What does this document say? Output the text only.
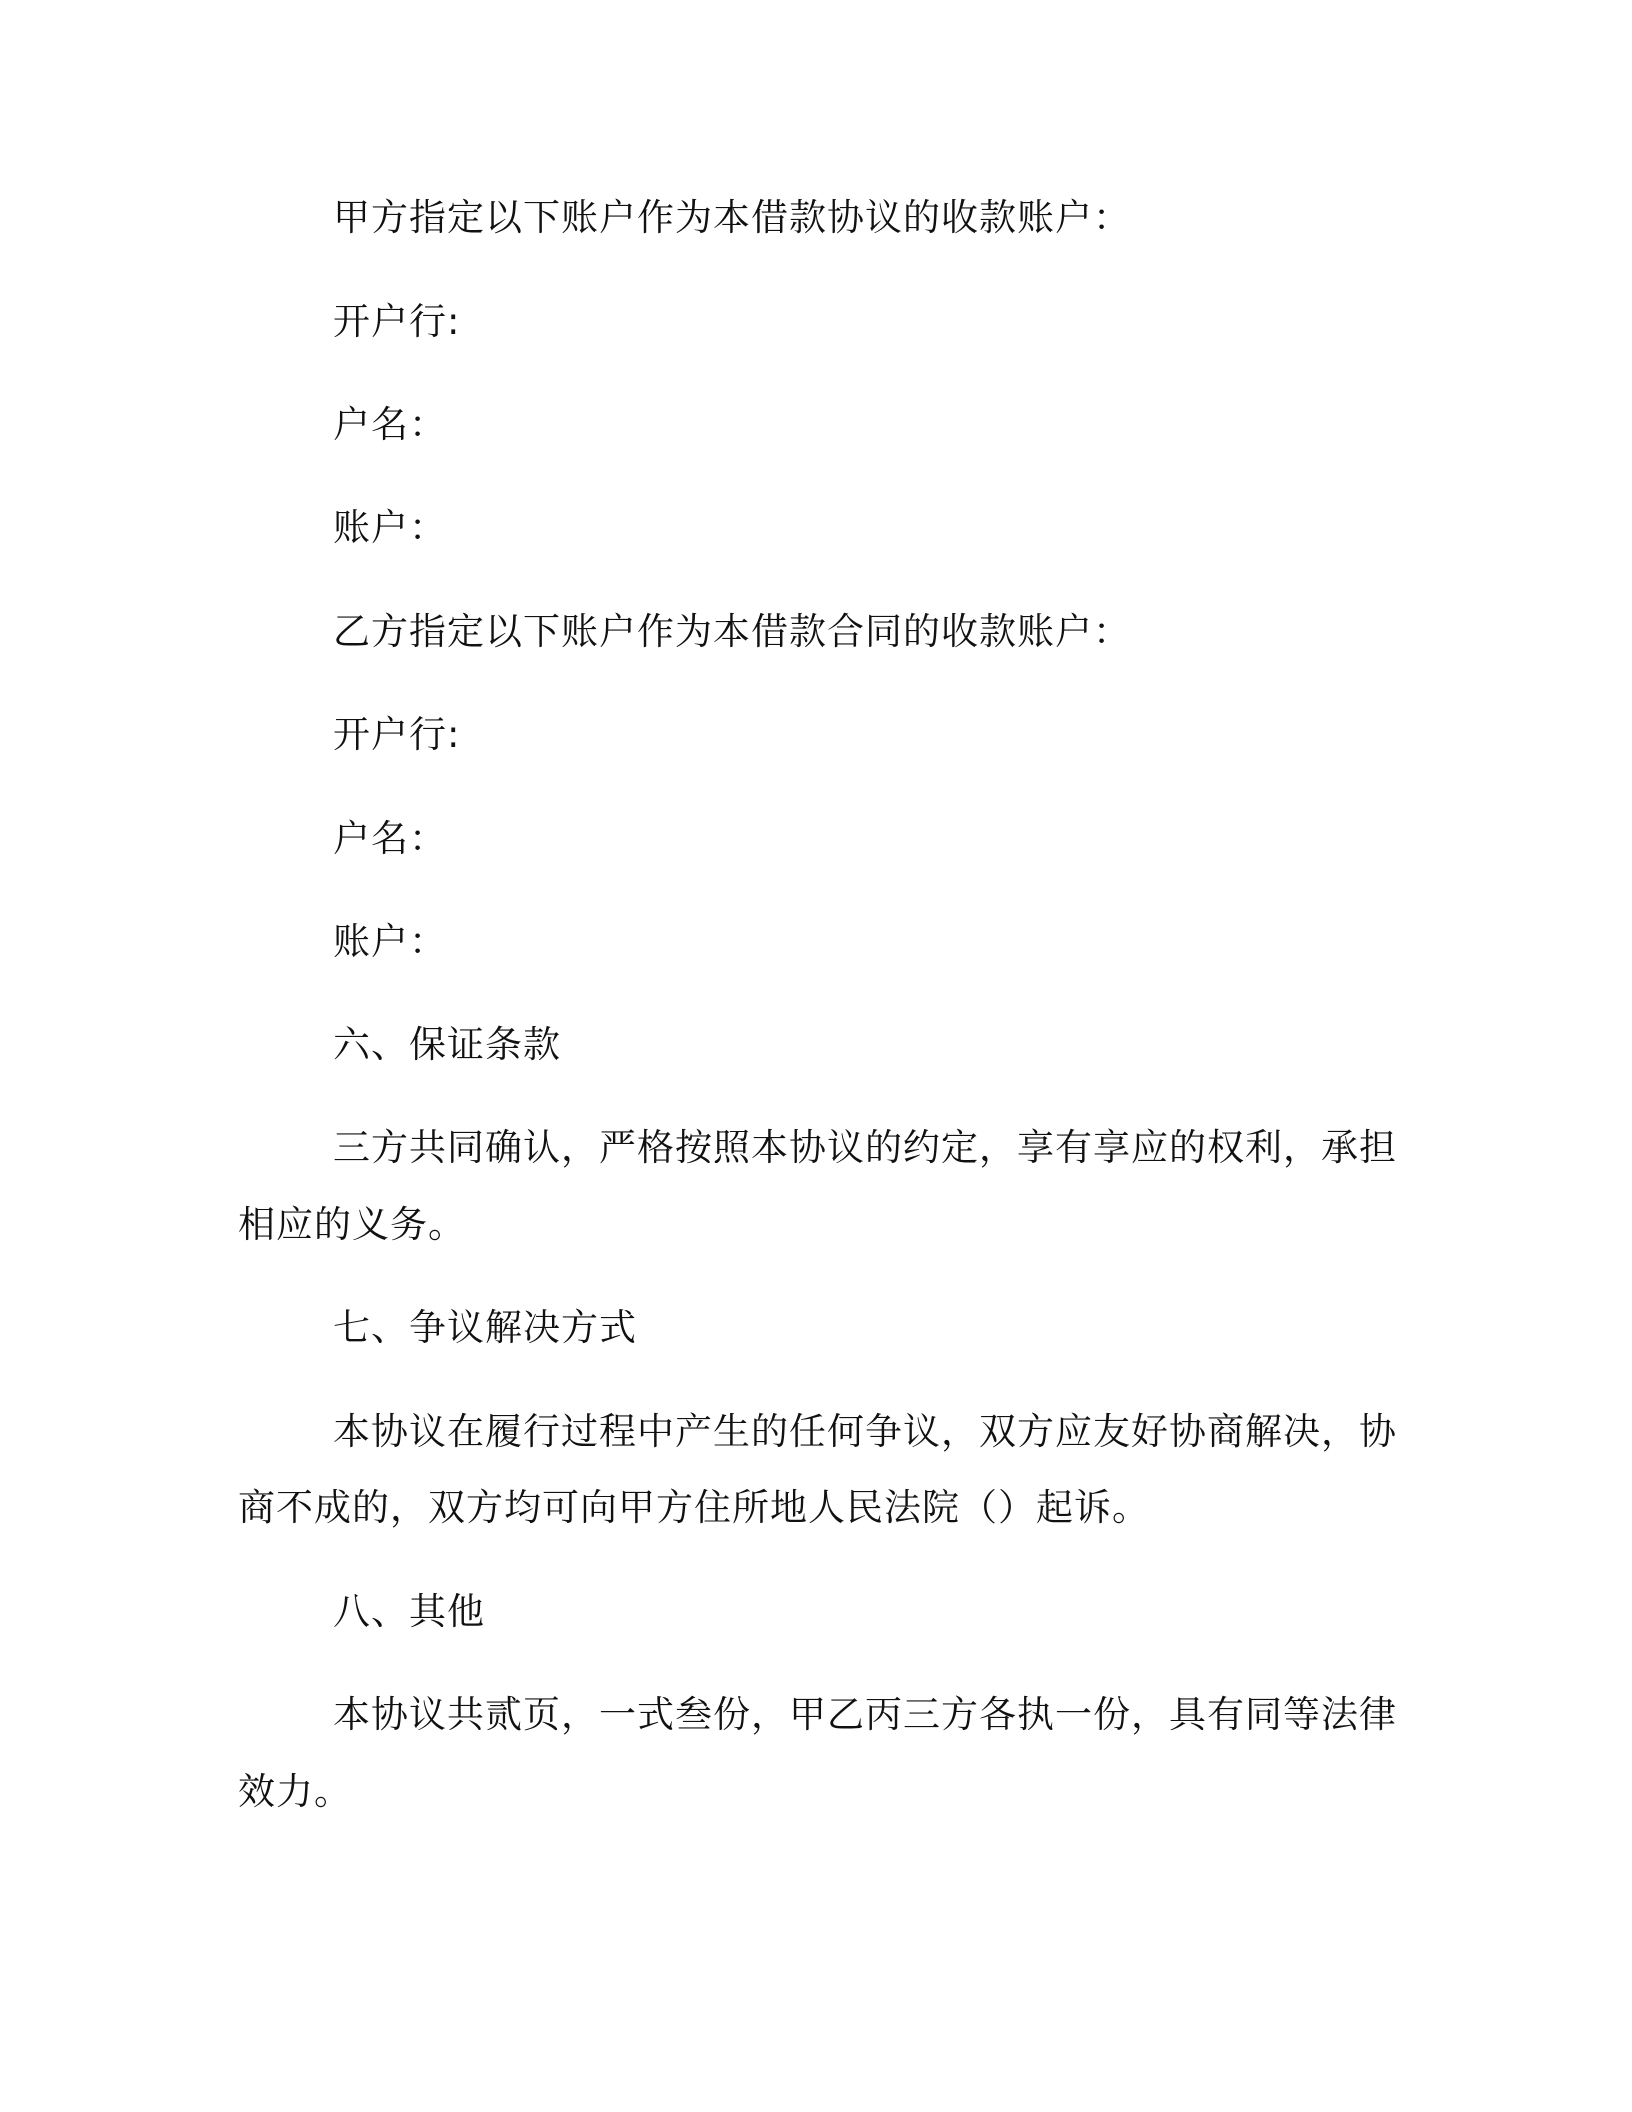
甲方指定以下账户作为本借款协议的收款账户：
开户行:
户名：
账户：
乙方指定以下账户作为本借款合同的收款账户：
开户行:
户名：
账户：
六、保证条款
三方共同确认，严格按照本协议的约定，享有享应的权利，承担
相应的义务。
七、争议解决方式
本协议在履行过程中产生的任何争议，双方应友好协商解决，协
商不成的，双方均可向甲方住所地人民法院（）起诉。
八、其他
本协议共贰页，一式叁份，甲乙丙三方各执一份，具有同等法律
效力。
